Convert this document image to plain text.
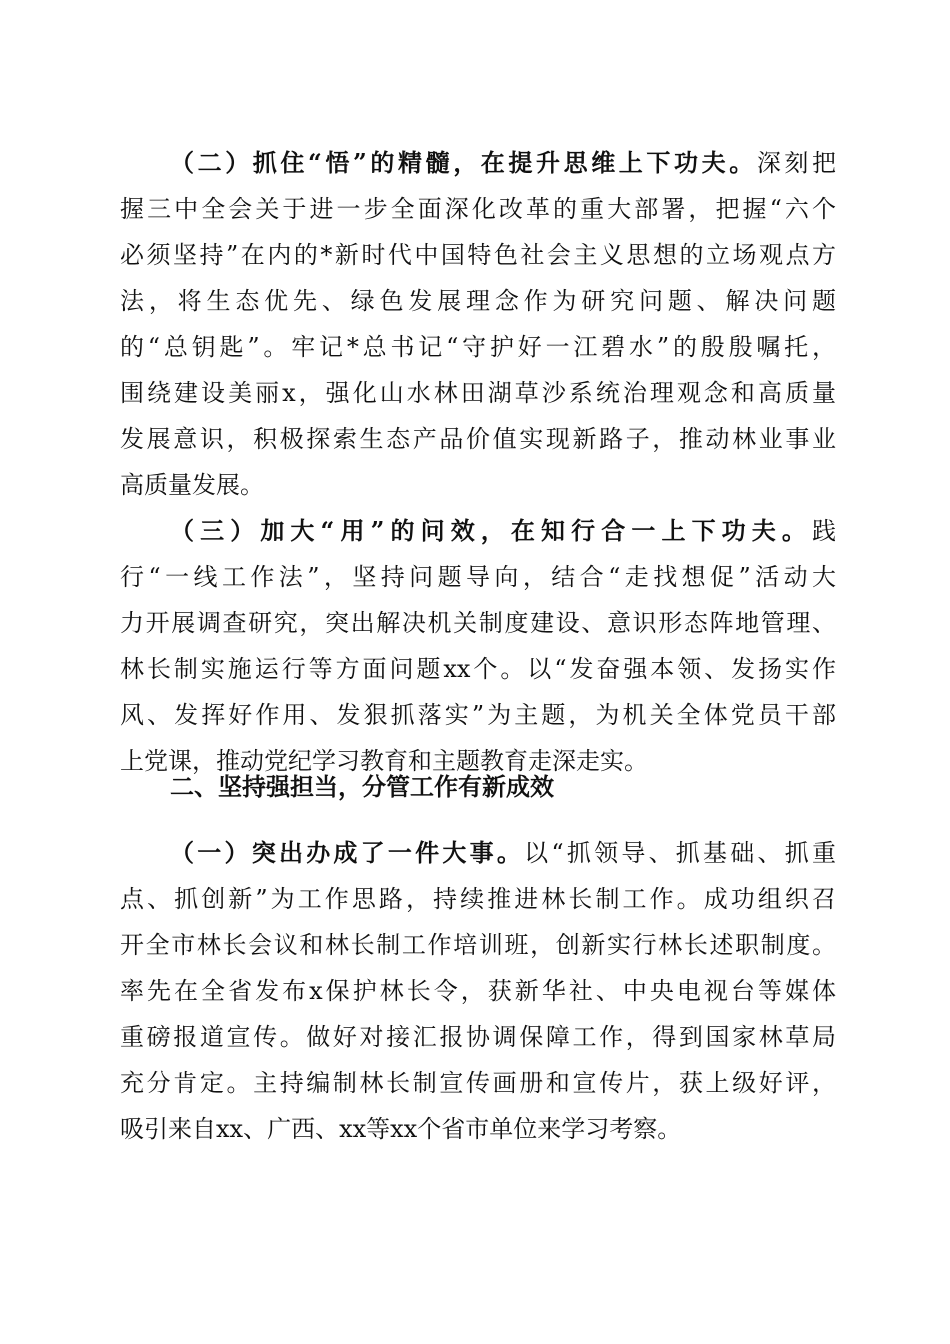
（二）抓住“悟”的精髓，在提升思维上下功夫。深刻把
握三中全会关于进一步全面深化改革的重大部署，把握“六个
必须坚持”在内的*新时代中国特色社会主义思想的立场观点方
法，将生态优先、绿色发展理念作为研究问题、解决问题
的“总钥匙”。牢记*总书记“守护好一江碧水”的殷殷嘱托，
围绕建设美丽x，强化山水林田湖草沙系统治理观念和高质量
发展意识，积极探索生态产品价值实现新路子，推动林业事业
高质量发展。
（三）加大“用”的问效，在知行合一上下功夫。践
行“一线工作法”，坚持问题导向，结合“走找想促”活动大
力开展调查研究，突出解决机关制度建设、意识形态阵地管理、
林长制实施运行等方面问题xx个。以“发奋强本领、发扬实作
风、发挥好作用、发狠抓落实”为主题，为机关全体党员干部
上党课，推动党纪学习教育和主题教育走深走实。
二、坚持强担当，分管工作有新成效
（一）突出办成了一件大事。以“抓领导、抓基础、抓重
点、抓创新”为工作思路，持续推进林长制工作。成功组织召
开全市林长会议和林长制工作培训班，创新实行林长述职制度。
率先在全省发布x保护林长令，获新华社、中央电视台等媒体
重磅报道宣传。做好对接汇报协调保障工作，得到国家林草局
充分肯定。主持编制林长制宣传画册和宣传片，获上级好评，
吸引来自xx、广西、xx等xx个省市单位来学习考察。
